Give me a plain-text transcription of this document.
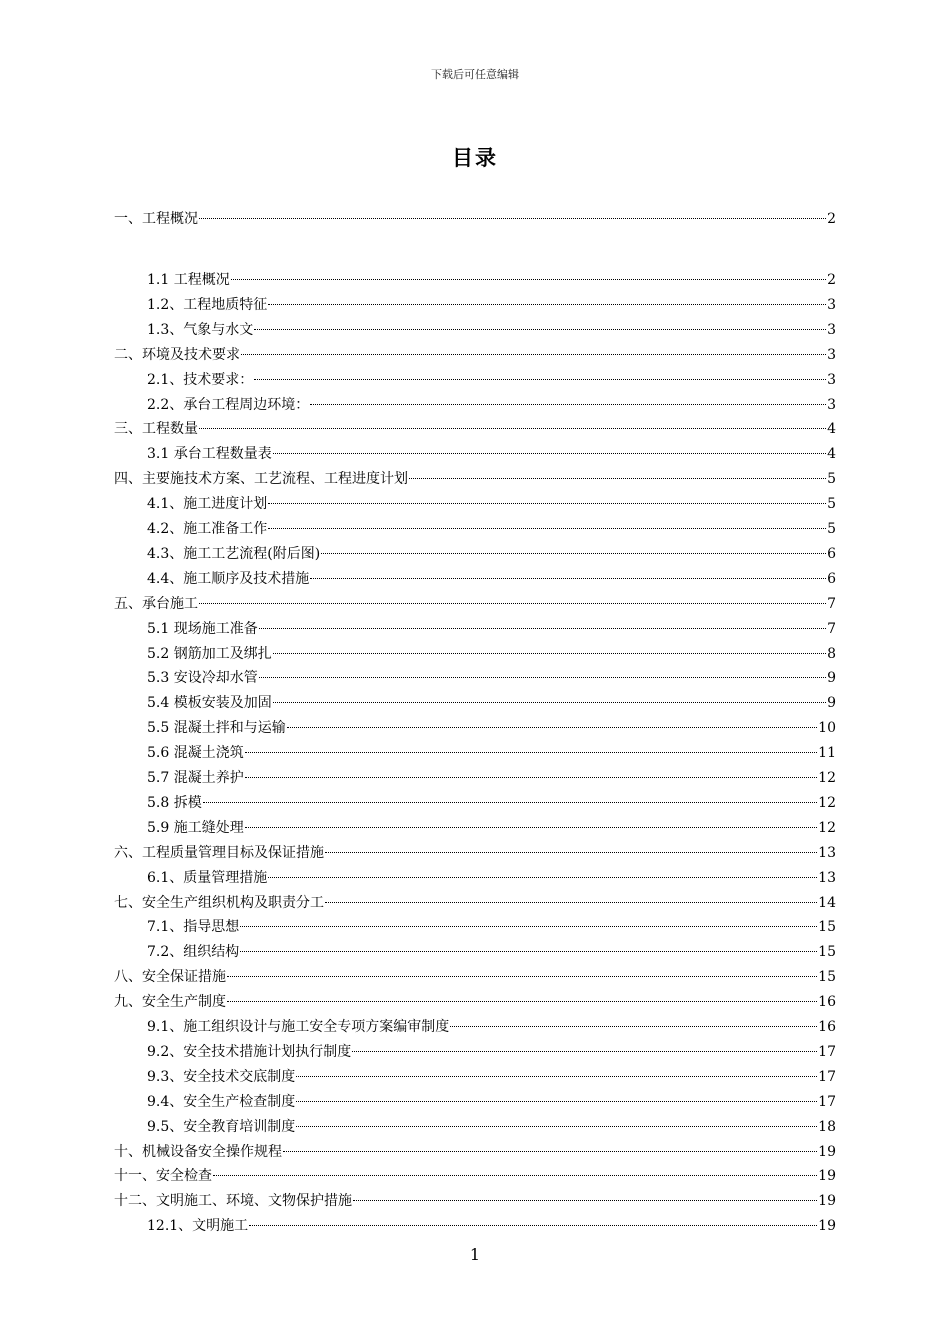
下载后可任意编辑
目录
一、工程概况	2
1.1 工程概况	2
1.2、工程地质特征	3
1.3、气象与水文	3
二、环境及技术要求	3
2.1、技术要求：	3
2.2、承台工程周边环境：	3
三、工程数量	4
3.1 承台工程数量表	4
四、主要施技术方案、工艺流程、工程进度计划	5
4.1、施工进度计划	5
4.2、施工准备工作	5
4.3、施工工艺流程(附后图)	6
4.4、施工顺序及技术措施	6
五、承台施工	7
5.1 现场施工准备	7
5.2 钢筋加工及绑扎	8
5.3 安设冷却水管	9
5.4 模板安装及加固	9
5.5 混凝土拌和与运输	10
5.6 混凝土浇筑	11
5.7 混凝土养护	12
5.8 拆模	12
5.9 施工缝处理	12
六、工程质量管理目标及保证措施	13
6.1、质量管理措施	13
七、安全生产组织机构及职责分工	14
7.1、指导思想	15
7.2、组织结构	15
八、安全保证措施	15
九、安全生产制度	16
9.1、施工组织设计与施工安全专项方案编审制度	16
9.2、安全技术措施计划执行制度	17
9.3、安全技术交底制度	17
9.4、安全生产检查制度	17
9.5、安全教育培训制度	18
十、机械设备安全操作规程	19
十一、安全检查	19
十二、文明施工、环境、文物保护措施	19
12.1、文明施工	19
1
